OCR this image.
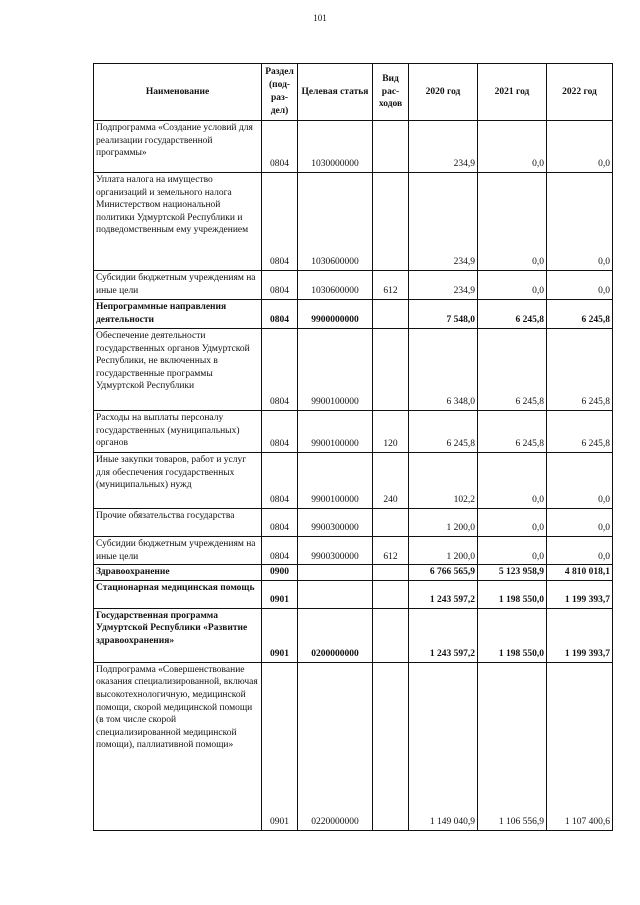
101
Наименование	Раздел (под-раз-дел)	Целевая статья	Вид рас-ходов	2020 год	2021 год	2022 год
Подпрограмма «Создание условий для реализации государственной программы»	0804	1030000000		234,9	0,0	0,0
Уплата налога на имущество организаций и земельного налога Министерством национальной политики Удмуртской Республики и подведомственным ему учреждением	0804	1030600000		234,9	0,0	0,0
Субсидии бюджетным учреждениям на иные цели	0804	1030600000	612	234,9	0,0	0,0
Непрограммные направления деятельности	0804	9900000000		7 548,0	6 245,8	6 245,8
Обеспечение деятельности государственных органов Удмуртской Республики, не включенных в государственные программы Удмуртской Республики	0804	9900100000		6 348,0	6 245,8	6 245,8
Расходы на выплаты персоналу государственных (муниципальных) органов	0804	9900100000	120	6 245,8	6 245,8	6 245,8
Иные закупки товаров, работ и услуг для обеспечения государственных (муниципальных) нужд	0804	9900100000	240	102,2	0,0	0,0
Прочие обязательства государства	0804	9900300000		1 200,0	0,0	0,0
Субсидии бюджетным учреждениям на иные цели	0804	9900300000	612	1 200,0	0,0	0,0
Здравоохранение	0900			6 766 565,9	5 123 958,9	4 810 018,1
Стационарная медицинская помощь	0901			1 243 597,2	1 198 550,0	1 199 393,7
Государственная программа Удмуртской Республики «Развитие здравоохранения»	0901	0200000000		1 243 597,2	1 198 550,0	1 199 393,7
Подпрограмма «Совершенствование оказания специализированной, включая высокотехнологичную, медицинской помощи, скорой медицинской помощи (в том числе скорой специализированной медицинской помощи), паллиативной помощи»	0901	0220000000		1 149 040,9	1 106 556,9	1 107 400,6
